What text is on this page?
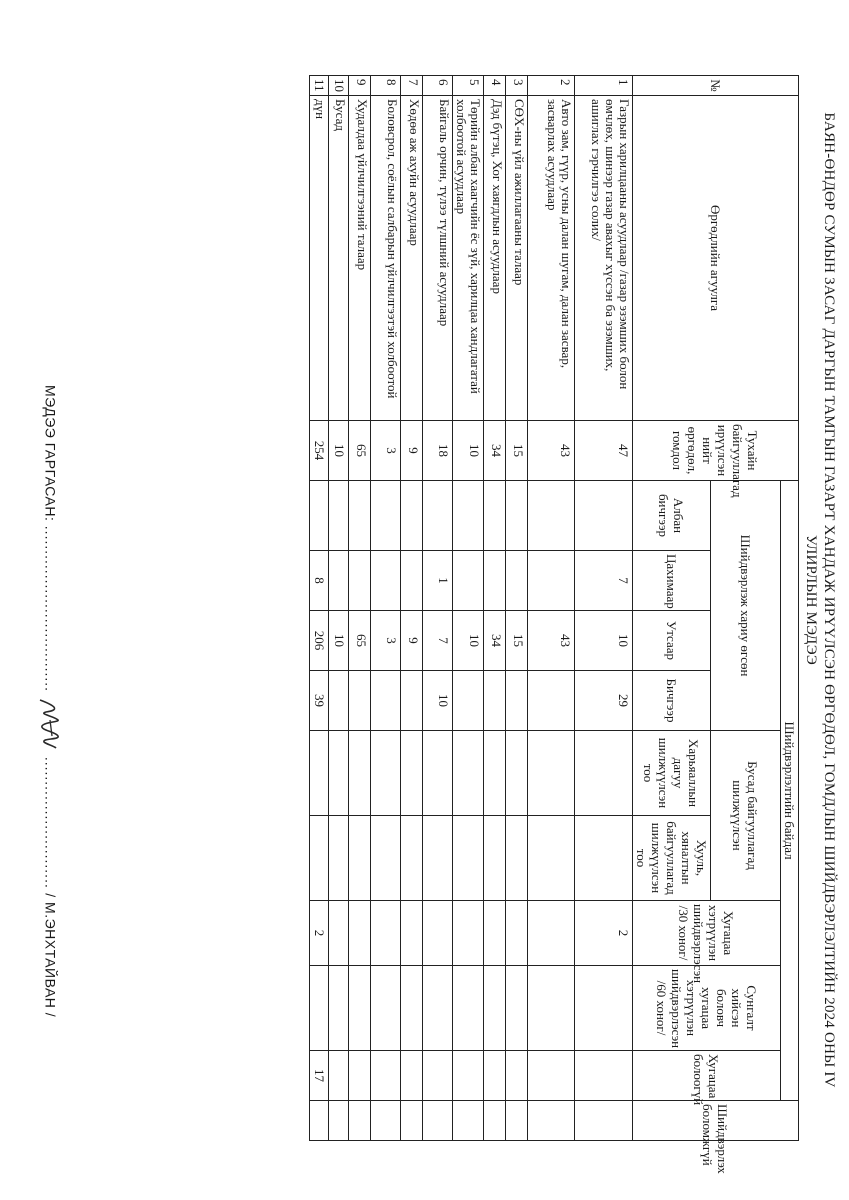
БАЯН-ӨНДӨР СУМЫН ЗАСАГ ДАРГЫН ТАМГЫН ГАЗАРТ ХАНДАЖ ИРҮҮЛСЭН ӨРГӨДӨЛ, ГОМДЛЫН ШИЙДВЭРЛЭЛТИЙН 2024 ОНЫ IV
УЛИРЛЫН МЭДЭЭ
№	Өргөдлийн агуулга	Тухайн байгууллагад ирүүлсэн нийт өргөдөл, гомдол	Шийдвэрлэлтийн байдал									Шийдвэрлэх боломжгүй
			Шийдвэрлэж хариу өгсөн				Бусад байгууллагад шилжүүлсэн		Хугацаа хэтрүүлэн шийдвэрлэсэн /30 хоног/	Сунгалт хийсэн боловч хугацаа хэтрүүлэн шийдвэрлэсэн /60 хоног/	Хугацаа болоогүй	
			Албан бичгээр	Цахимаар	Утсаар	Бичгээр	Харьяаллын дагуу шилжүүлсэн тоо	Хууль, хяналтын байгууллагад шилжүүлсэн тоо				
1	Газрын харилцааны асуудлаар /газар эзэмших болон өмчлөх, шинээр газар авахыг хүссэн ба эзэмших, ашиглах гэрчилгээ солих/	47		7	10	29			2			
2	Авто зам, гүүр, усны далан шугам, далан засвар, засварлах асуудлаар	43			43							
3	СӨХ-ны үйл ажиллагааны талаар	15			15							
4	Дэд бүтэц, Хог хаягдлын асуудлаар	34			34							
5	Төрийн албан хаагчийн ёс зүй, харилцаа хандлагатай холбоотой асуудлаар	10			10							
6	Байгаль орчин, түлээ түлшний асуудлаар	18		1	7	10						
7	Хөдөө аж ахуйн асуудлаар	9			9							
8	Боловсрол, соёлын салбарын үйлчилгээтэй холбоотой	3			3							
9	Худалдаа үйлчилгээний талаар	65			65							
10	Бусад	10			10							
11	дүн	254		8	206	39			2		17	
МЭДЭЭ ГАРГАСАН: ..................................  ........................... / М.ЭНХТАЙВАН /
